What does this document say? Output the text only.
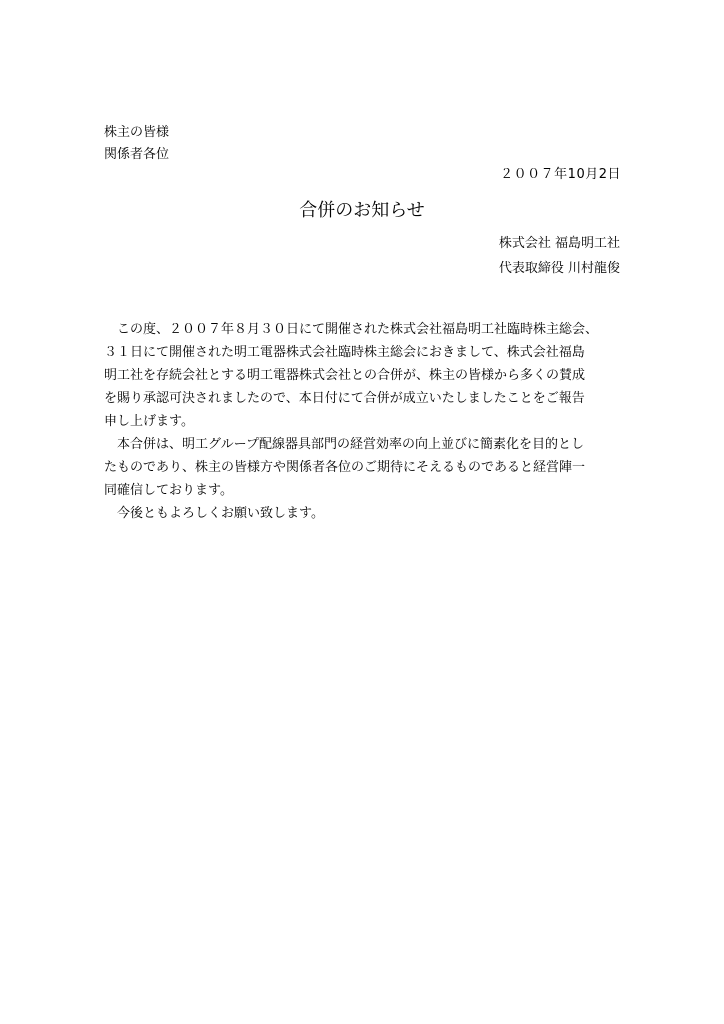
株主の皆様
関係者各位
２００７年10月2日
合併のお知らせ
株式会社 福島明工社
代表取締役 川村龍俊
　この度、２００７年８月３０日にて開催された株式会社福島明工社臨時株主総会、
３１日にて開催された明工電器株式会社臨時株主総会におきまして、株式会社福島
明工社を存続会社とする明工電器株式会社との合併が、株主の皆様から多くの賛成
を賜り承認可決されましたので、本日付にて合併が成立いたしましたことをご報告
申し上げます。
　本合併は、明工グループ配線器具部門の経営効率の向上並びに簡素化を目的とし
たものであり、株主の皆様方や関係者各位のご期待にそえるものであると経営陣一
同確信しております。
　今後ともよろしくお願い致します。
